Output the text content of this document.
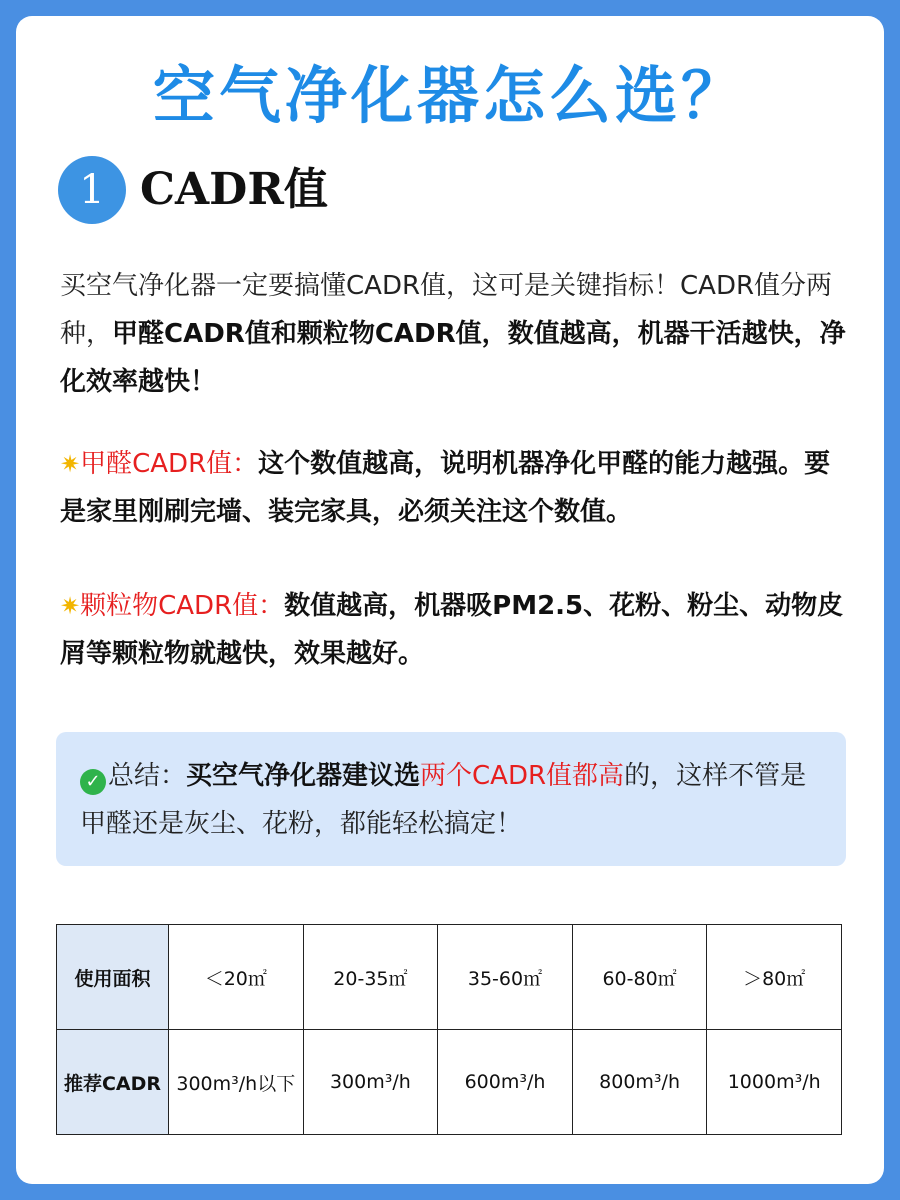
空气净化器怎么选？
1 CADR值

买空气净化器一定要搞懂CADR值，这可是关键指标！CADR值分两种，甲醛CADR值和颗粒物CADR值，数值越高，机器干活越快，净化效率越快！

✷甲醛CADR值：这个数值越高，说明机器净化甲醛的能力越强。要是家里刚刷完墙、装完家具，必须关注这个数值。

✷颗粒物CADR值：数值越高，机器吸PM2.5、花粉、粉尘、动物皮屑等颗粒物就越快，效果越好。

✓ 总结：买空气净化器建议选两个CADR值都高的，这样不管是甲醛还是灰尘、花粉，都能轻松搞定！

使用面积	＜20㎡	20-35㎡	35-60㎡	60-80㎡	＞80㎡
推荐CADR	300m³/h以下	300m³/h	600m³/h	800m³/h	1000m³/h
